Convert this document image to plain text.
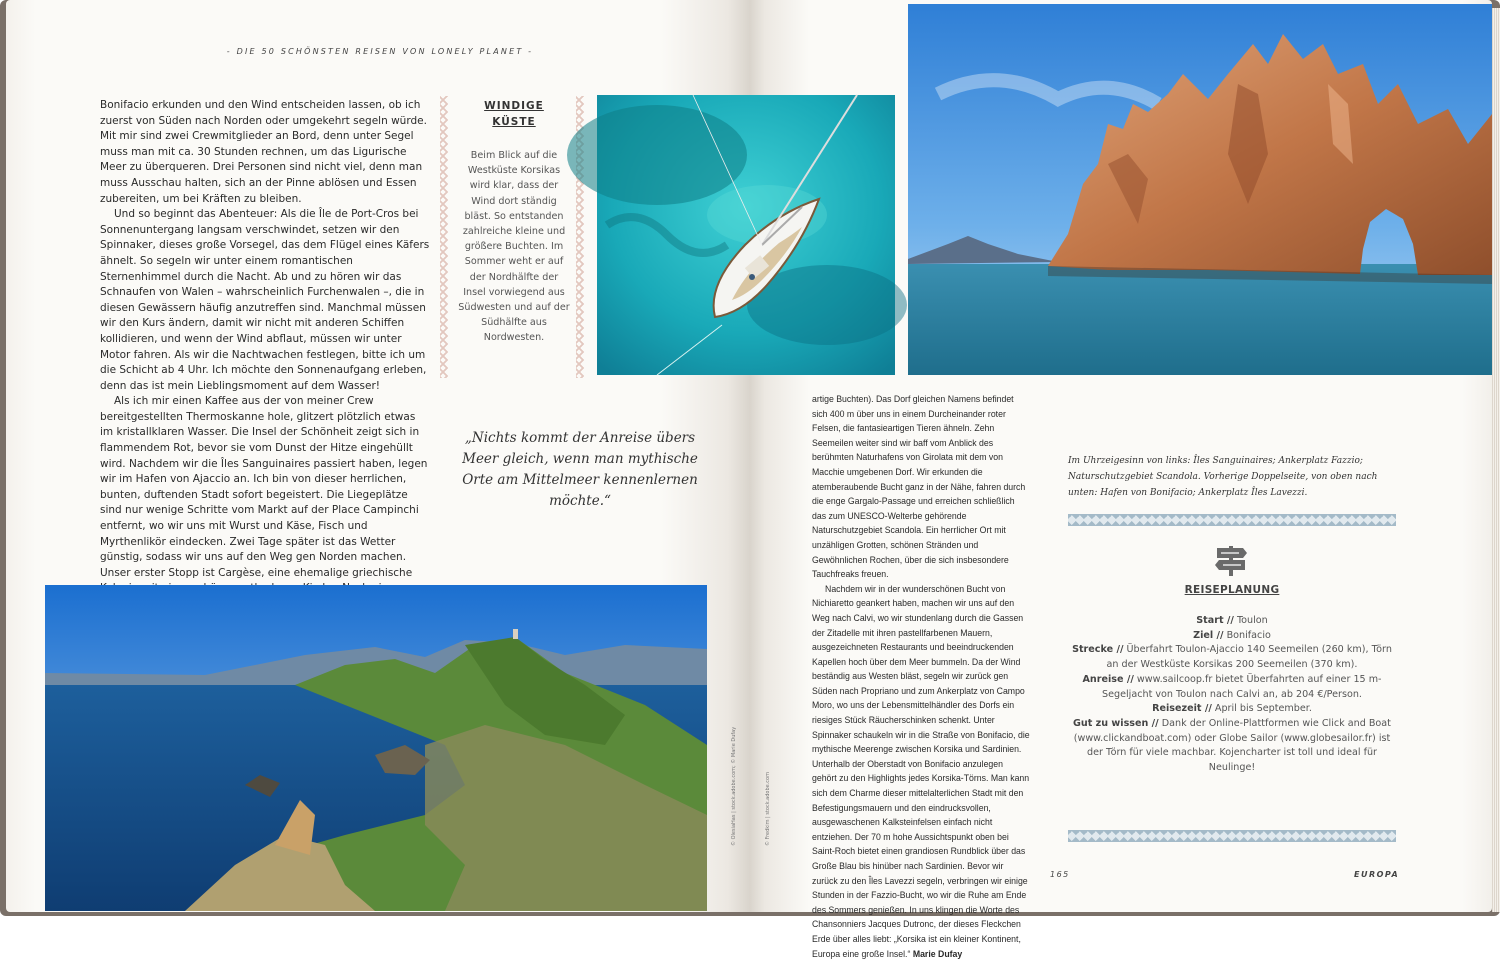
- DIE 50 SCHÖNSTEN REISEN VON LONELY PLANET -

Bonifacio erkunden und den Wind entscheiden lassen, ob ich zuerst von Süden nach Norden oder umgekehrt segeln würde. Mit mir sind zwei Crewmitglieder an Bord, denn unter Segel muss man mit ca. 30 Stunden rechnen, um das Ligurische Meer zu überqueren. Drei Personen sind nicht viel, denn man muss Ausschau halten, sich an der Pinne ablösen und Essen zubereiten, um bei Kräften zu bleiben.

Und so beginnt das Abenteuer: Als die Île de Port-Cros bei Sonnenuntergang langsam verschwindet, setzen wir den Spinnaker, dieses große Vorsegel, das dem Flügel eines Käfers ähnelt. So segeln wir unter einem romantischen Sternenhimmel durch die Nacht. Ab und zu hören wir das Schnaufen von Walen – wahrscheinlich Furchenwalen –, die in diesen Gewässern häufig anzutreffen sind. Manchmal müssen wir den Kurs ändern, damit wir nicht mit anderen Schiffen kollidieren, und wenn der Wind abflaut, müssen wir unter Motor fahren. Als wir die Nachtwachen festlegen, bitte ich um die Schicht ab 4 Uhr. Ich möchte den Sonnenaufgang erleben, denn das ist mein Lieblingsmoment auf dem Wasser!

Als ich mir einen Kaffee aus der von meiner Crew bereitgestellten Thermoskanne hole, glitzert plötzlich etwas im kristallklaren Wasser. Die Insel der Schönheit zeigt sich in flammendem Rot, bevor sie vom Dunst der Hitze eingehüllt wird. Nachdem wir die Îles Sanguinaires passiert haben, legen wir im Hafen von Ajaccio an. Ich bin von dieser herrlichen, bunten, duftenden Stadt sofort begeistert. Die Liegeplätze sind nur wenige Schritte vom Markt auf der Place Campinchi entfernt, wo wir uns mit Wurst und Käse, Fisch und Myrthenlikör eindecken. Zwei Tage später ist das Wetter günstig, sodass wir uns auf den Weg gen Norden machen. Unser erster Stopp ist Cargèse, eine ehemalige griechische

WINDIGE
KÜSTE
Beim Blick auf die Westküste Korsikas wird klar, dass der Wind dort ständig bläst. So entstanden zahlreiche kleine und größere Buchten. Im Sommer weht er auf der Nordhälfte der Insel vorwiegend aus Südwesten und auf der Südhälfte aus Nordwesten.
„Nichts kommt der Anreise übers Meer gleich, wenn man mythische Orte am Mittelmeer kennenlernen möchte.“
© OlesiaHas | stock.adobe.com; © Marie Dufay	© Fredkim | stock.adobe.com

artige Buchten). Das Dorf gleichen Namens befindet sich 400 m über uns in einem Durcheinander roter Felsen, die fantasieartigen Tieren ähneln. Zehn Seemeilen weiter sind wir baff vom Anblick des berühmten Naturhafens von Girolata mit dem von Macchie umgebenen Dorf. Wir erkunden die atemberaubende Bucht ganz in der Nähe, fahren durch die enge Gargalo-Passage und erreichen schließlich das zum UNESCO-Welterbe gehörende Naturschutzgebiet Scandola. Ein herrlicher Ort mit unzähligen Grotten, schönen Stränden und Gewöhnlichen Rochen, über die sich insbesondere Tauchfreaks freuen.

Nachdem wir in der wunderschönen Bucht von Nichiaretto geankert haben, machen wir uns auf den Weg nach Calvi, wo wir stundenlang durch die Gassen der Zitadelle mit ihren pastellfarbenen Mauern, ausgezeichneten Restaurants und beeindruckenden Kapellen hoch über dem Meer bummeln. Da der Wind beständig aus Westen bläst, segeln wir zurück gen Süden nach Propriano und zum Ankerplatz von Campo Moro, wo uns der Lebensmittelhändler des Dorfs ein riesiges Stück Räucherschinken schenkt. Unter Spinnaker schaukeln wir in die Straße von Bonifacio, die mythische Meerenge zwischen Korsika und Sardinien. Unterhalb der Oberstadt von Bonifacio anzulegen gehört zu den Highlights jedes Korsika-Törns. Man kann sich dem Charme dieser mittelalterlichen Stadt mit den Befestigungsmauern und den eindrucksvollen, ausgewaschenen Kalksteinfelsen einfach nicht entziehen. Der 70 m hohe Aussichtspunkt oben bei Saint-Roch bietet einen grandiosen Rundblick über das Große Blau bis hinüber nach Sardinien. Bevor wir zurück zu den Îles Lavezzi segeln, verbringen wir einige Stunden in der Fazzio-Bucht, wo wir die Ruhe am Ende des Sommers genießen. In uns klingen die Worte des Chansonniers Jacques Dutronc, der dieses Fleckchen Erde über alles liebt: „Korsika ist ein kleiner Kontinent, Europa eine große Insel.“ Marie Dufay

Im Uhrzeigesinn von links: Îles Sanguinaires; Ankerplatz Fazzio; Naturschutzgebiet Scandola. Vorherige Doppelseite, von oben nach unten: Hafen von Bonifacio; Ankerplatz Îles Lavezzi.
REISEPLANUNG
Start // Toulon
Ziel // Bonifacio
Strecke // Überfahrt Toulon-Ajaccio 140 Seemeilen (260 km), Törn an der Westküste Korsikas 200 Seemeilen (370 km).
Anreise // www.sailcoop.fr bietet Überfahrten auf einer 15 m-Segeljacht von Toulon nach Calvi an, ab 204 €/Person.
Reisezeit // April bis September.
Gut zu wissen // Dank der Online-Plattformen wie Click and Boat (www.clickandboat.com) oder Globe Sailor (www.globesailor.fr) ist der Törn für viele machbar. Kojencharter ist toll und ideal für Neulinge!
165	EUROPA
